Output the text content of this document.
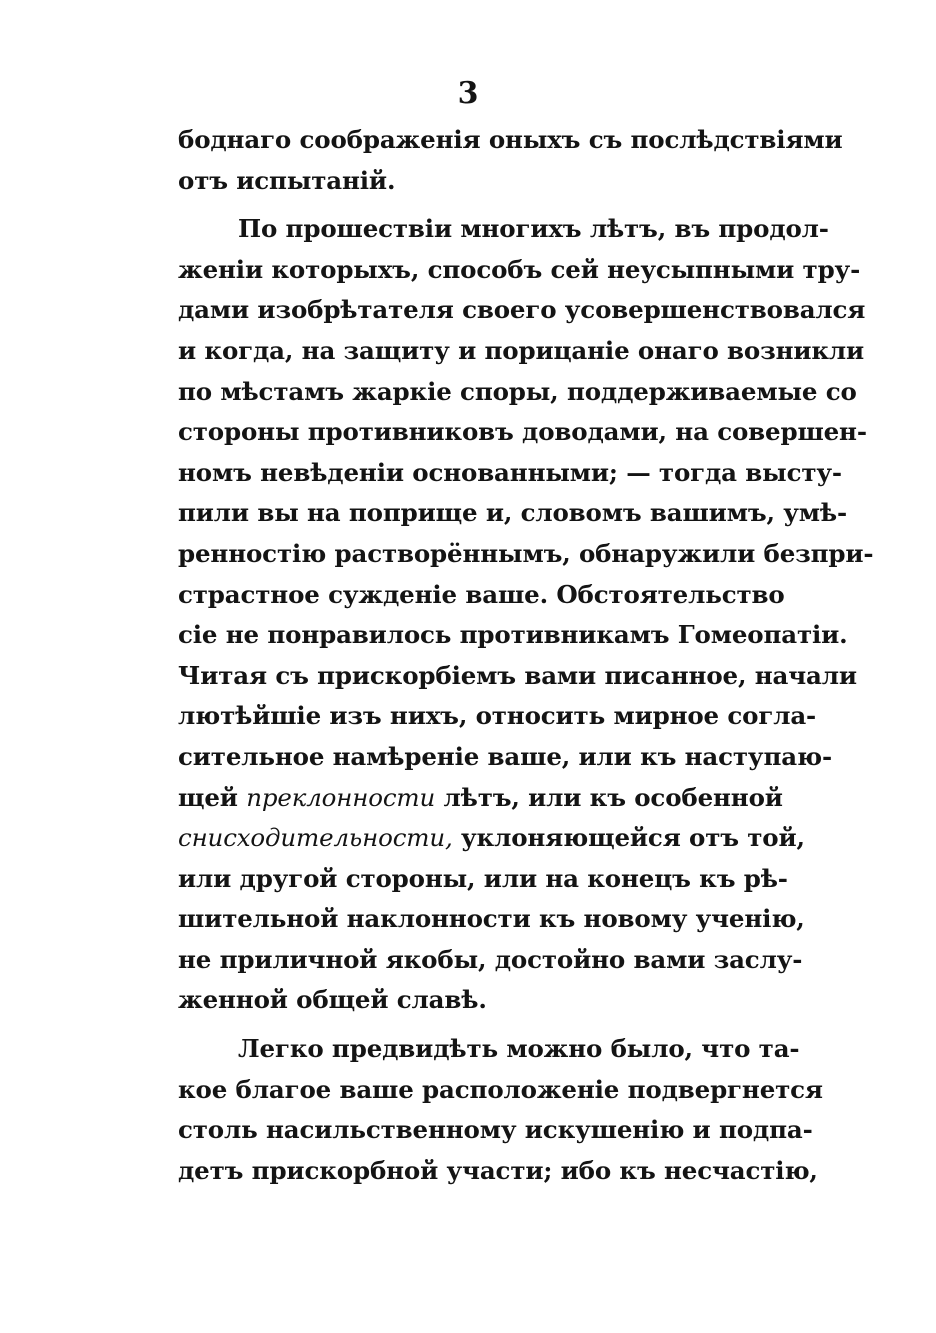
3
боднаго соображенія оныхъ съ послѣдствіями
отъ испытаній.
По прошествіи многихъ лѣтъ, въ продол-
женіи которыхъ, способъ сей неусыпными тру-
дами изобрѣтателя своего усовершенствовался
и когда, на защиту и порицаніе онаго возникли
по мѣстамъ жаркіе споры, поддерживаемые со
стороны противниковъ доводами, на совершен-
номъ невѣденіи основанными; — тогда высту-
пили вы на поприще и, словомъ вашимъ, умѣ-
ренностію растворённымъ, обнаружили безпри-
страстное сужденіе ваше. Обстоятельство
сіе не понравилось противникамъ Гомеопатіи.
Читая съ прискорбіемъ вами писанное, начали
лютѣйшіе изъ нихъ, относить мирное согла-
сительное намѣреніе ваше, или къ наступаю-
щей преклонности лѣтъ, или къ особенной
снисходительности, уклоняющейся отъ той,
или другой стороны, или на конецъ къ рѣ-
шительной наклонности къ новому ученію,
не приличной якобы, достойно вами заслу-
женной общей славѣ.
Легко предвидѣть можно было, что та-
кое благое ваше расположеніе подвергнется
столь насильственному искушенію и подпа-
детъ прискорбной участи; ибо къ несчастію,
